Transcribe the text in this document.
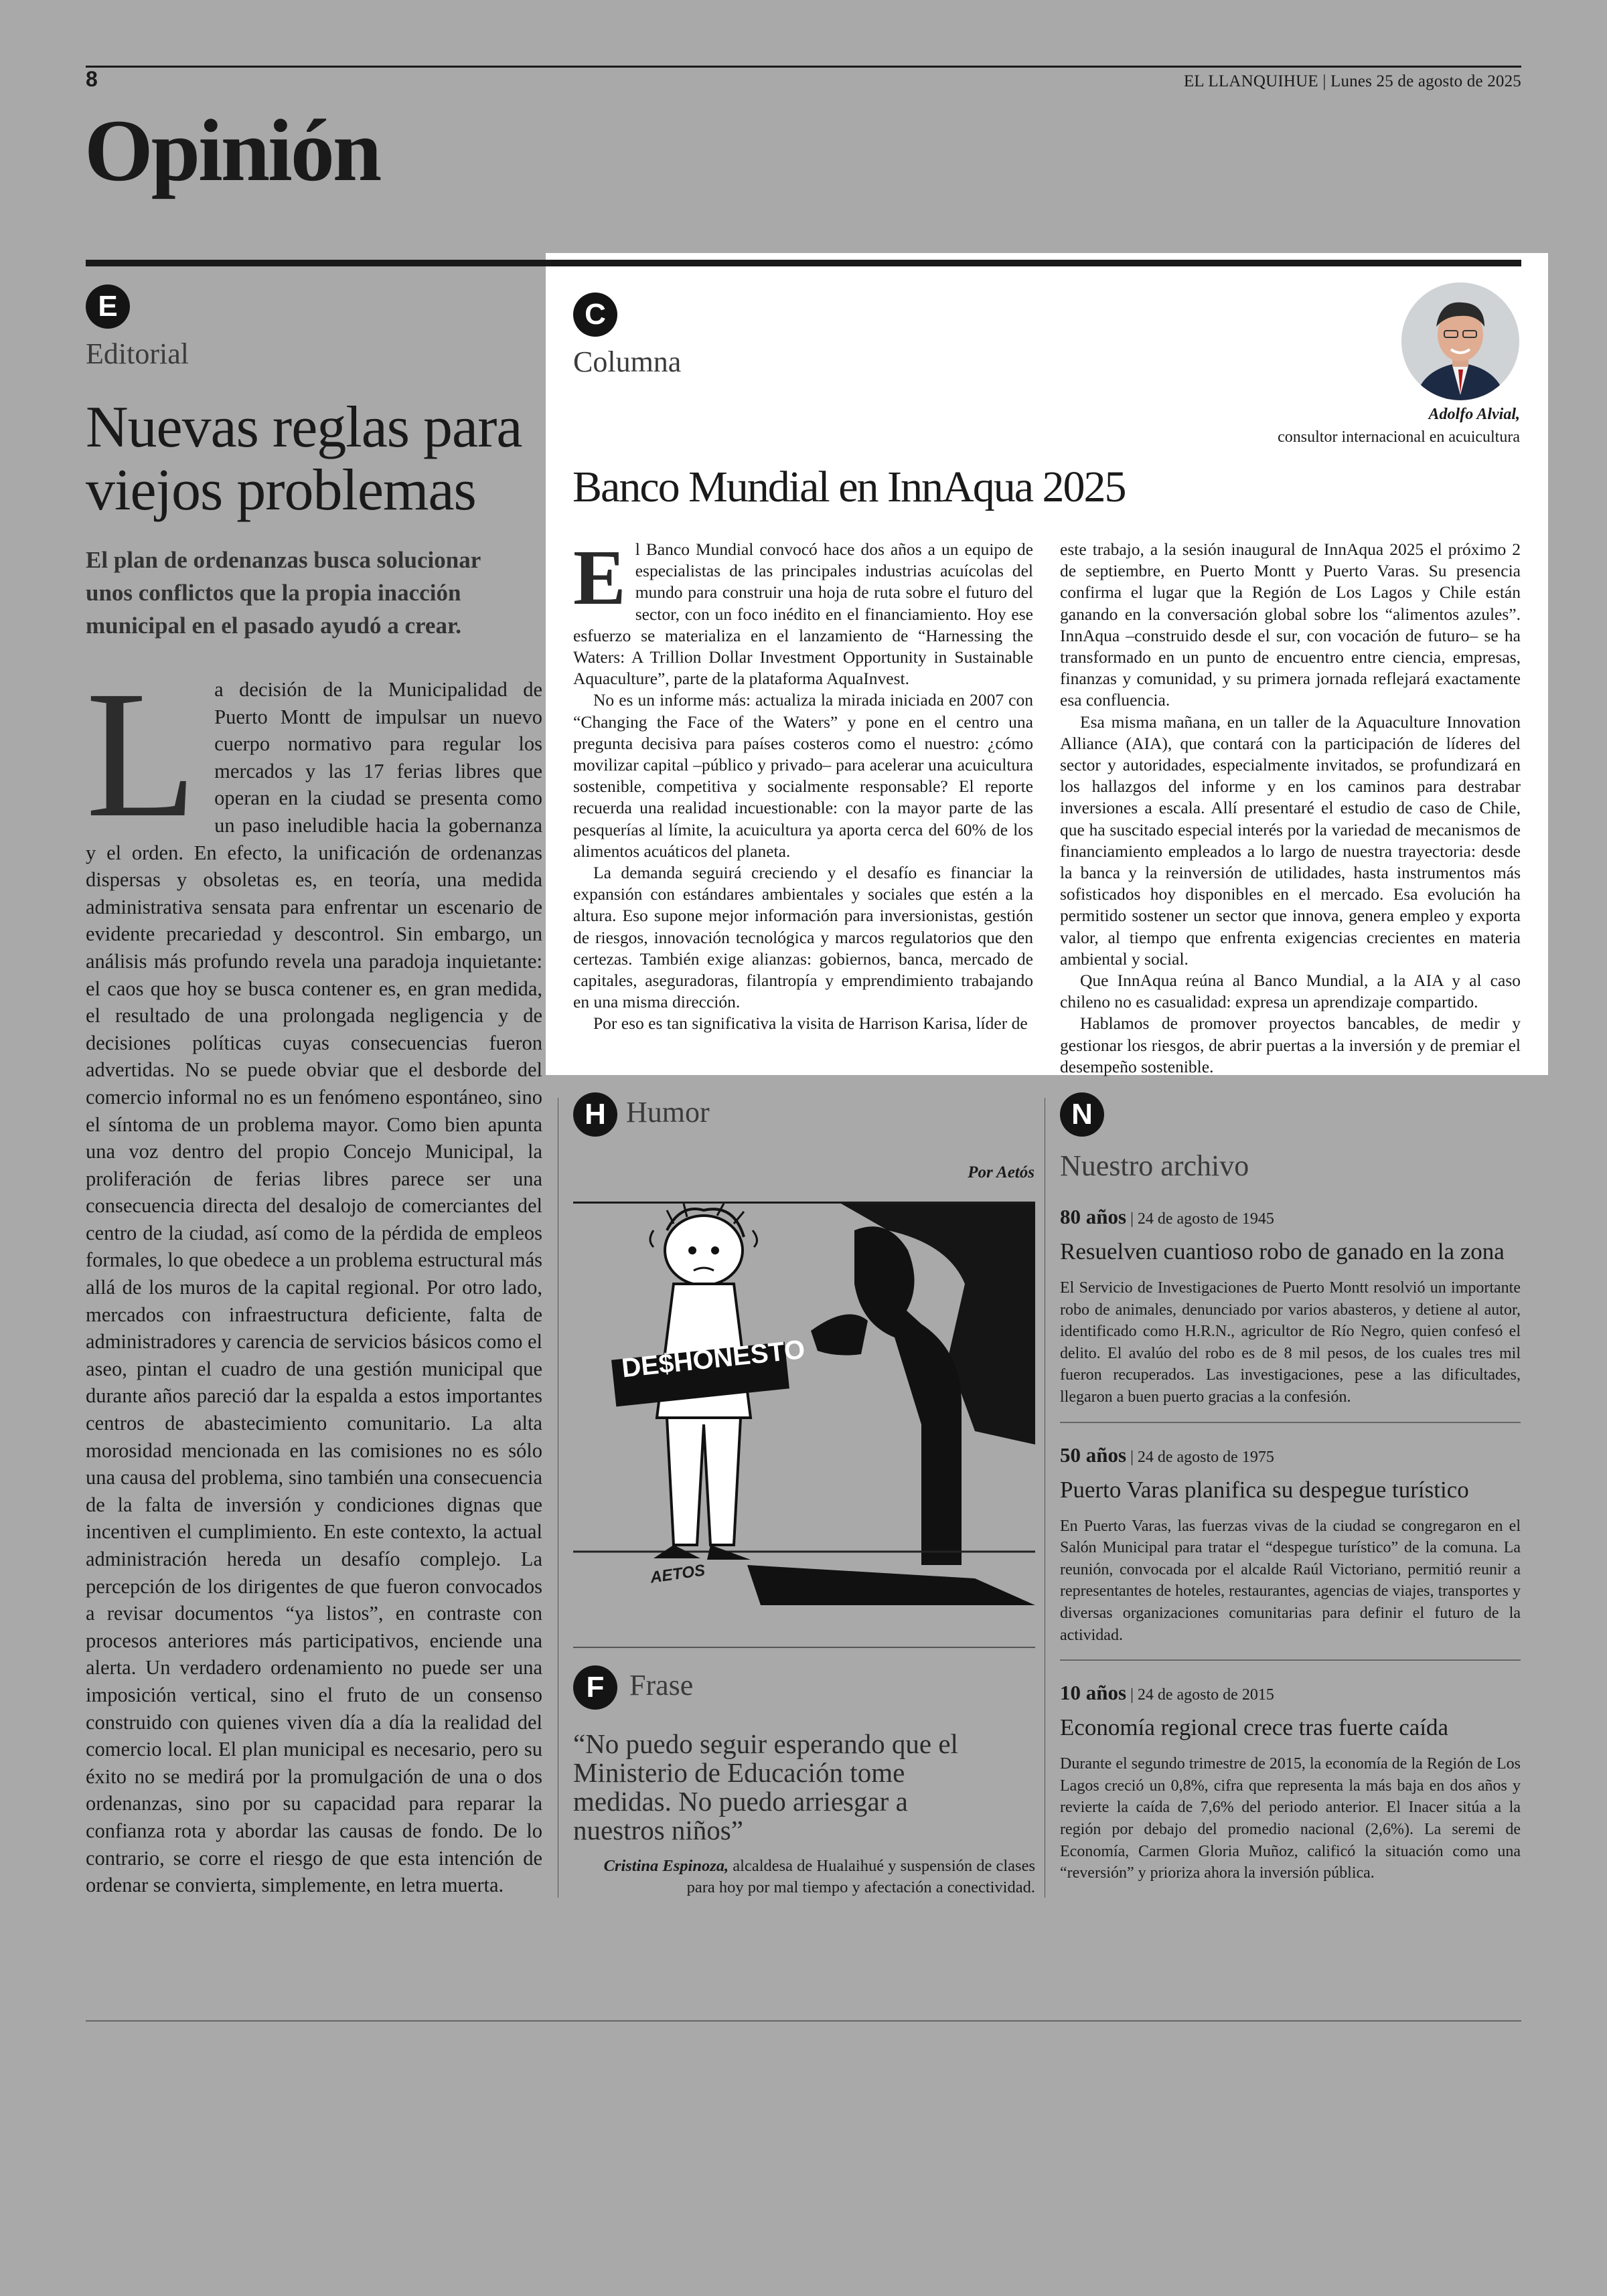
8	EL LLANQUIHUE | Lunes 25 de agosto de 2025
Opinión
E
Editorial
Nuevas reglas para viejos problemas
El plan de ordenanzas busca solucionar unos conflictos que la propia inacción municipal en el pasado ayudó a crear.
La decisión de la Municipalidad de Puerto Montt de impulsar un nuevo cuerpo normativo para regular los mercados y las 17 ferias libres que operan en la ciudad se presenta como un paso ineludible hacia la gobernanza y el orden. En efecto, la unificación de ordenanzas dispersas y obsoletas es, en teoría, una medida administrativa sensata para enfrentar un escenario de evidente precariedad y descontrol. Sin embargo, un análisis más profundo revela una paradoja inquietante: el caos que hoy se busca contener es, en gran medida, el resultado de una prolongada negligencia y de decisiones políticas cuyas consecuencias fueron advertidas. No se puede obviar que el desborde del comercio informal no es un fenómeno espontáneo, sino el síntoma de un problema mayor. Como bien apunta una voz dentro del propio Concejo Municipal, la proliferación de ferias libres parece ser una consecuencia directa del desalojo de comerciantes del centro de la ciudad, así como de la pérdida de empleos formales, lo que obedece a un problema estructural más allá de los muros de la capital regional. Por otro lado, mercados con infraestructura deficiente, falta de administradores y carencia de servicios básicos como el aseo, pintan el cuadro de una gestión municipal que durante años pareció dar la espalda a estos importantes centros de abastecimiento comunitario. La alta morosidad mencionada en las comisiones no es sólo una causa del problema, sino también una consecuencia de la falta de inversión y condiciones dignas que incentiven el cumplimiento. En este contexto, la actual administración hereda un desafío complejo. La percepción de los dirigentes de que fueron convocados a revisar documentos “ya listos”, en contraste con procesos anteriores más participativos, enciende una alerta. Un verdadero ordenamiento no puede ser una imposición vertical, sino el fruto de un consenso construido con quienes viven día a día la realidad del comercio local. El plan municipal es necesario, pero su éxito no se medirá por la promulgación de una o dos ordenanzas, sino por su capacidad para reparar la confianza rota y abordar las causas de fondo. De lo contrario, se corre el riesgo de que esta intención de ordenar se convierta, simplemente, en letra muerta.
C
Columna
Adolfo Alvial,
consultor internacional en acuicultura
Banco Mundial en InnAqua 2025

El Banco Mundial convocó hace dos años a un equipo de especialistas de las principales industrias acuícolas del mundo para construir una hoja de ruta sobre el futuro del sector, con un foco inédito en el financiamiento. Hoy ese esfuerzo se materializa en el lanzamiento de “Harnessing the Waters: A Trillion Dollar Investment Opportunity in Sustainable Aquaculture”, parte de la plataforma AquaInvest.

No es un informe más: actualiza la mirada iniciada en 2007 con “Changing the Face of the Waters” y pone en el centro una pregunta decisiva para países costeros como el nuestro: ¿cómo movilizar capital –público y privado– para acelerar una acuicultura sostenible, competitiva y socialmente responsable? El reporte recuerda una realidad incuestionable: con la mayor parte de las pesquerías al límite, la acuicultura ya aporta cerca del 60% de los alimentos acuáticos del planeta.

La demanda seguirá creciendo y el desafío es financiar la expansión con estándares ambientales y sociales que estén a la altura. Eso supone mejor información para inversionistas, gestión de riesgos, innovación tecnológica y marcos regulatorios que den certezas. También exige alianzas: gobiernos, banca, mercado de capitales, aseguradoras, filantropía y emprendimiento trabajando en una misma dirección.

Por eso es tan significativa la visita de Harrison Karisa, líder de

este trabajo, a la sesión inaugural de InnAqua 2025 el próximo 2 de septiembre, en Puerto Montt y Puerto Varas. Su presencia confirma el lugar que la Región de Los Lagos y Chile están ganando en la conversación global sobre los “alimentos azules”. InnAqua –construido desde el sur, con vocación de futuro– se ha transformado en un punto de encuentro entre ciencia, empresas, finanzas y comunidad, y su primera jornada reflejará exactamente esa confluencia.

Esa misma mañana, en un taller de la Aquaculture Innovation Alliance (AIA), que contará con la participación de líderes del sector y autoridades, especialmente invitados, se profundizará en los hallazgos del informe y en los caminos para destrabar inversiones a escala. Allí presentaré el estudio de caso de Chile, que ha suscitado especial interés por la variedad de mecanismos de financiamiento empleados a lo largo de nuestra trayectoria: desde la banca y la reinversión de utilidades, hasta instrumentos más sofisticados hoy disponibles en el mercado. Esa evolución ha permitido sostener un sector que innova, genera empleo y exporta valor, al tiempo que enfrenta exigencias crecientes en materia ambiental y social.

Que InnAqua reúna al Banco Mundial, a la AIA y al caso chileno no es casualidad: expresa un aprendizaje compartido.

Hablamos de promover proyectos bancables, de medir y gestionar los riesgos, de abrir puertas a la inversión y de premiar el desempeño sostenible.

H Humor
Por Aetós
DE$HONESTO
AETOS
F Frase
“No puedo seguir esperando que el Ministerio de Educación tome medidas. No puedo arriesgar a nuestros niños”
Cristina Espinoza, alcaldesa de Hualaihué y suspensión de clases para hoy por mal tiempo y afectación a conectividad.
N
Nuestro archivo
80 años | 24 de agosto de 1945
Resuelven cuantioso robo de ganado en la zona
El Servicio de Investigaciones de Puerto Montt resolvió un importante robo de animales, denunciado por varios abasteros, y detiene al autor, identificado como H.R.N., agricultor de Río Negro, quien confesó el delito. El avalúo del robo es de 8 mil pesos, de los cuales tres mil fueron recuperados. Las investigaciones, pese a las dificultades, llegaron a buen puerto gracias a la confesión.
50 años | 24 de agosto de 1975
Puerto Varas planifica su despegue turístico
En Puerto Varas, las fuerzas vivas de la ciudad se congregaron en el Salón Municipal para tratar el “despegue turístico” de la comuna. La reunión, convocada por el alcalde Raúl Victoriano, permitió reunir a representantes de hoteles, restaurantes, agencias de viajes, transportes y diversas organizaciones comunitarias para definir el futuro de la actividad.
10 años | 24 de agosto de 2015
Economía regional crece tras fuerte caída
Durante el segundo trimestre de 2015, la economía de la Región de Los Lagos creció un 0,8%, cifra que representa la más baja en dos años y revierte la caída de 7,6% del periodo anterior. El Inacer sitúa a la región por debajo del promedio nacional (2,6%). La seremi de Economía, Carmen Gloria Muñoz, calificó la situación como una “reversión” y prioriza ahora la inversión pública.
